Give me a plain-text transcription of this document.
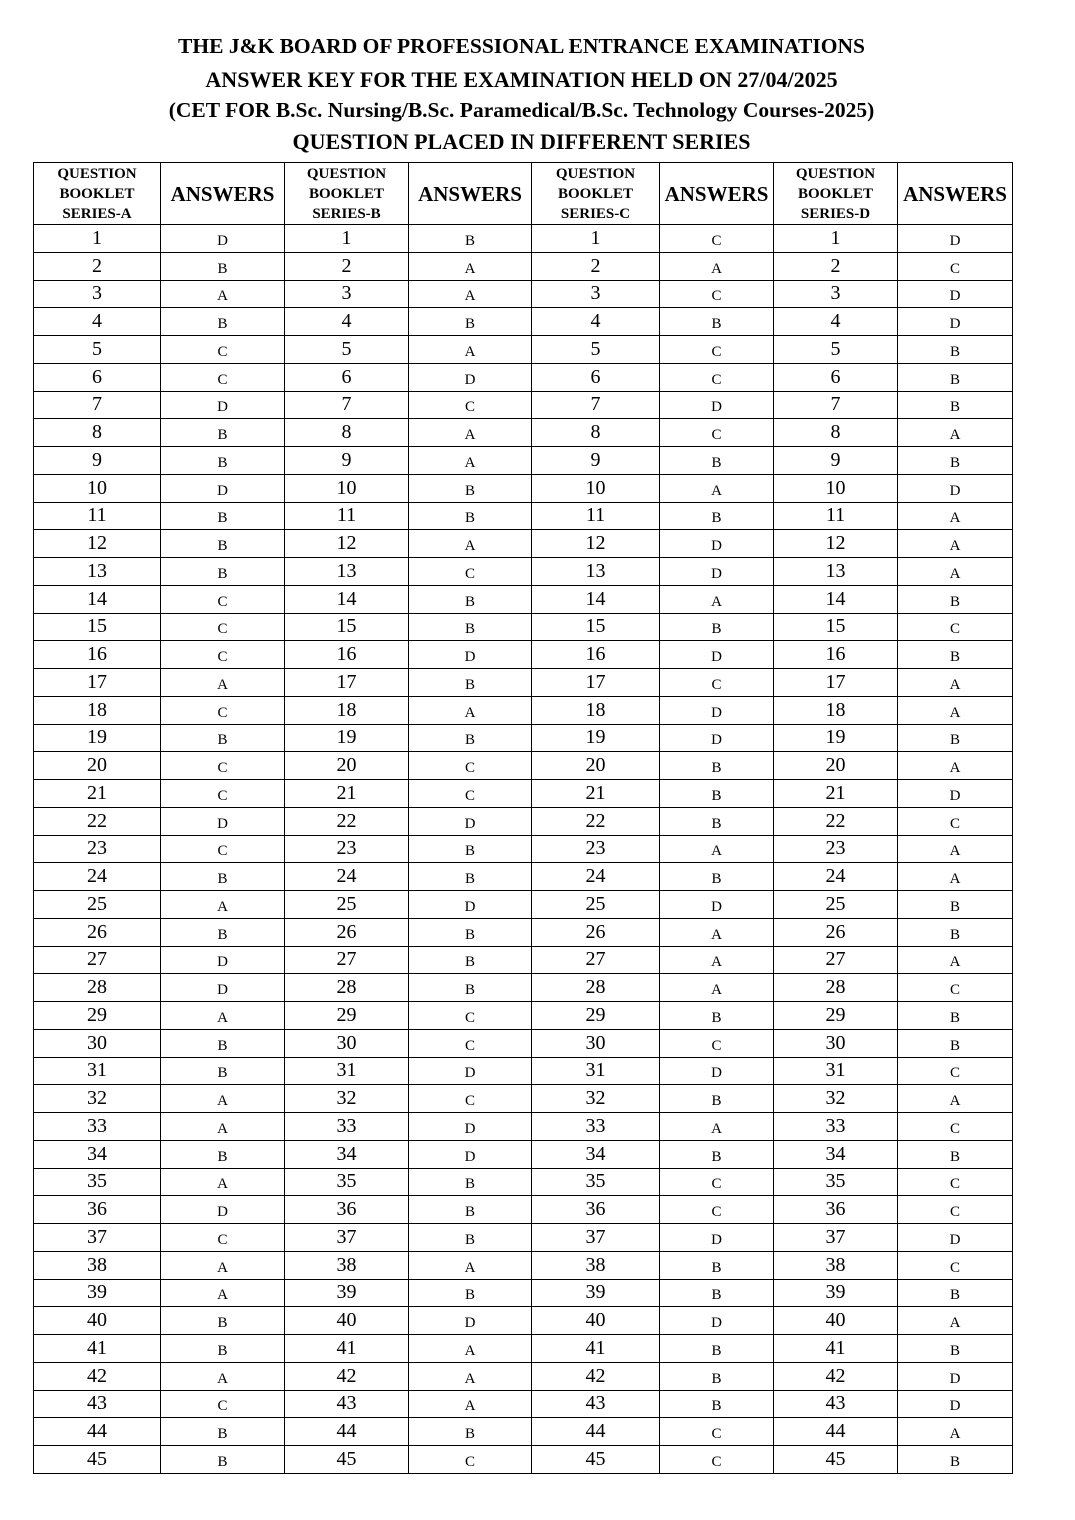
THE J&K BOARD OF PROFESSIONAL ENTRANCE EXAMINATIONS
ANSWER KEY FOR THE EXAMINATION HELD ON 27/04/2025
(CET FOR B.Sc. Nursing/B.Sc. Paramedical/B.Sc. Technology Courses-2025)
QUESTION PLACED IN DIFFERENT SERIES
QUESTION
BOOKLET
SERIES-A	ANSWERS	QUESTION
BOOKLET
SERIES-B	ANSWERS	QUESTION
BOOKLET
SERIES-C	ANSWERS	QUESTION
BOOKLET
SERIES-D	ANSWERS
1	D	1	B	1	C	1	D
2	B	2	A	2	A	2	C
3	A	3	A	3	C	3	D
4	B	4	B	4	B	4	D
5	C	5	A	5	C	5	B
6	C	6	D	6	C	6	B
7	D	7	C	7	D	7	B
8	B	8	A	8	C	8	A
9	B	9	A	9	B	9	B
10	D	10	B	10	A	10	D
11	B	11	B	11	B	11	A
12	B	12	A	12	D	12	A
13	B	13	C	13	D	13	A
14	C	14	B	14	A	14	B
15	C	15	B	15	B	15	C
16	C	16	D	16	D	16	B
17	A	17	B	17	C	17	A
18	C	18	A	18	D	18	A
19	B	19	B	19	D	19	B
20	C	20	C	20	B	20	A
21	C	21	C	21	B	21	D
22	D	22	D	22	B	22	C
23	C	23	B	23	A	23	A
24	B	24	B	24	B	24	A
25	A	25	D	25	D	25	B
26	B	26	B	26	A	26	B
27	D	27	B	27	A	27	A
28	D	28	B	28	A	28	C
29	A	29	C	29	B	29	B
30	B	30	C	30	C	30	B
31	B	31	D	31	D	31	C
32	A	32	C	32	B	32	A
33	A	33	D	33	A	33	C
34	B	34	D	34	B	34	B
35	A	35	B	35	C	35	C
36	D	36	B	36	C	36	C
37	C	37	B	37	D	37	D
38	A	38	A	38	B	38	C
39	A	39	B	39	B	39	B
40	B	40	D	40	D	40	A
41	B	41	A	41	B	41	B
42	A	42	A	42	B	42	D
43	C	43	A	43	B	43	D
44	B	44	B	44	C	44	A
45	B	45	C	45	C	45	B
